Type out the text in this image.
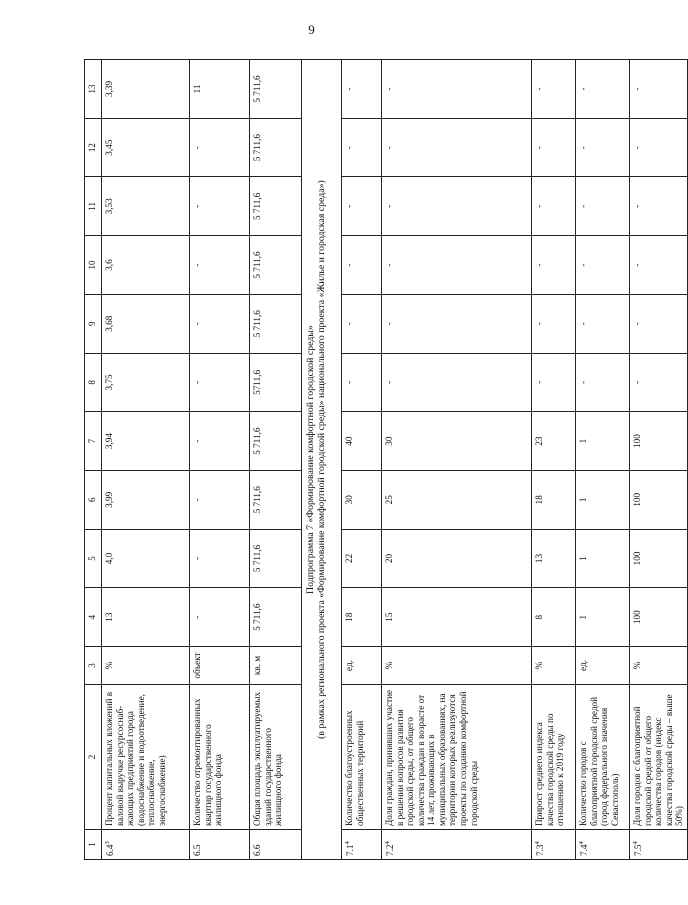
9
1	2	3	4	5	6	7	8	9	10	11	12	13
$6.4^3$	Процент капитальных вложений в валовой выручке ресурсоснаб-жающих предприятий города (водоснабжение и водоотведение, теплоснабжение, энергоснабжение)	%	13	4,0	3,99	3,94	3,75	3,68	3,6	3,53	3,45	3,39
6.5	Количество отремонтированных квартир государственного жилищного фонда	объект	-	-	-	-	-	-	-	-	-	11
6.6	Общая площадь эксплуатируемых зданий государственного жилищного фонда	кв. м	5 711,6	5 711,6	5 711,6	5 711,6	5711,6	5 711,6	5 711,6	5 711,6	5 711,6	5 711,6

Подпрограмма 7 «Формирование комфортной городской среды» (в рамках регионального проекта «Формирование комфортной городской среды» национального проекта «Жилье и городская среда»)												

$7.1^4$	Количество благоустроенных общественных территорий	ед.	18	22	30	40	-	-	-	-	-	-
$7.2^4$	Доля граждан, принявших участие в решении вопросов развития городской среды, от общего количества граждан в возрасте от 14 лет, проживающих в муниципальных образованиях, на территории которых реализуются проекты по созданию комфортной городской среды	%	15	20	25	30	-	-	-	-	-	-
$7.3^4$	Прирост среднего индекса качества городской среды по отношению к 2019 году	%	8	13	18	23	-	-	-	-	-	-
$7.4^4$	Количество городов с благоприятной городской средой (город федерального значения Севастополь)	ед.	1	1	1	1	-	-	-	-	-	-
$7.5^4$	Доля городов с благоприятной городской средой от общего количества городов (индекс качества городской среды – выше 50%)	%	100	100	100	100	-	-	-	-	-	-
